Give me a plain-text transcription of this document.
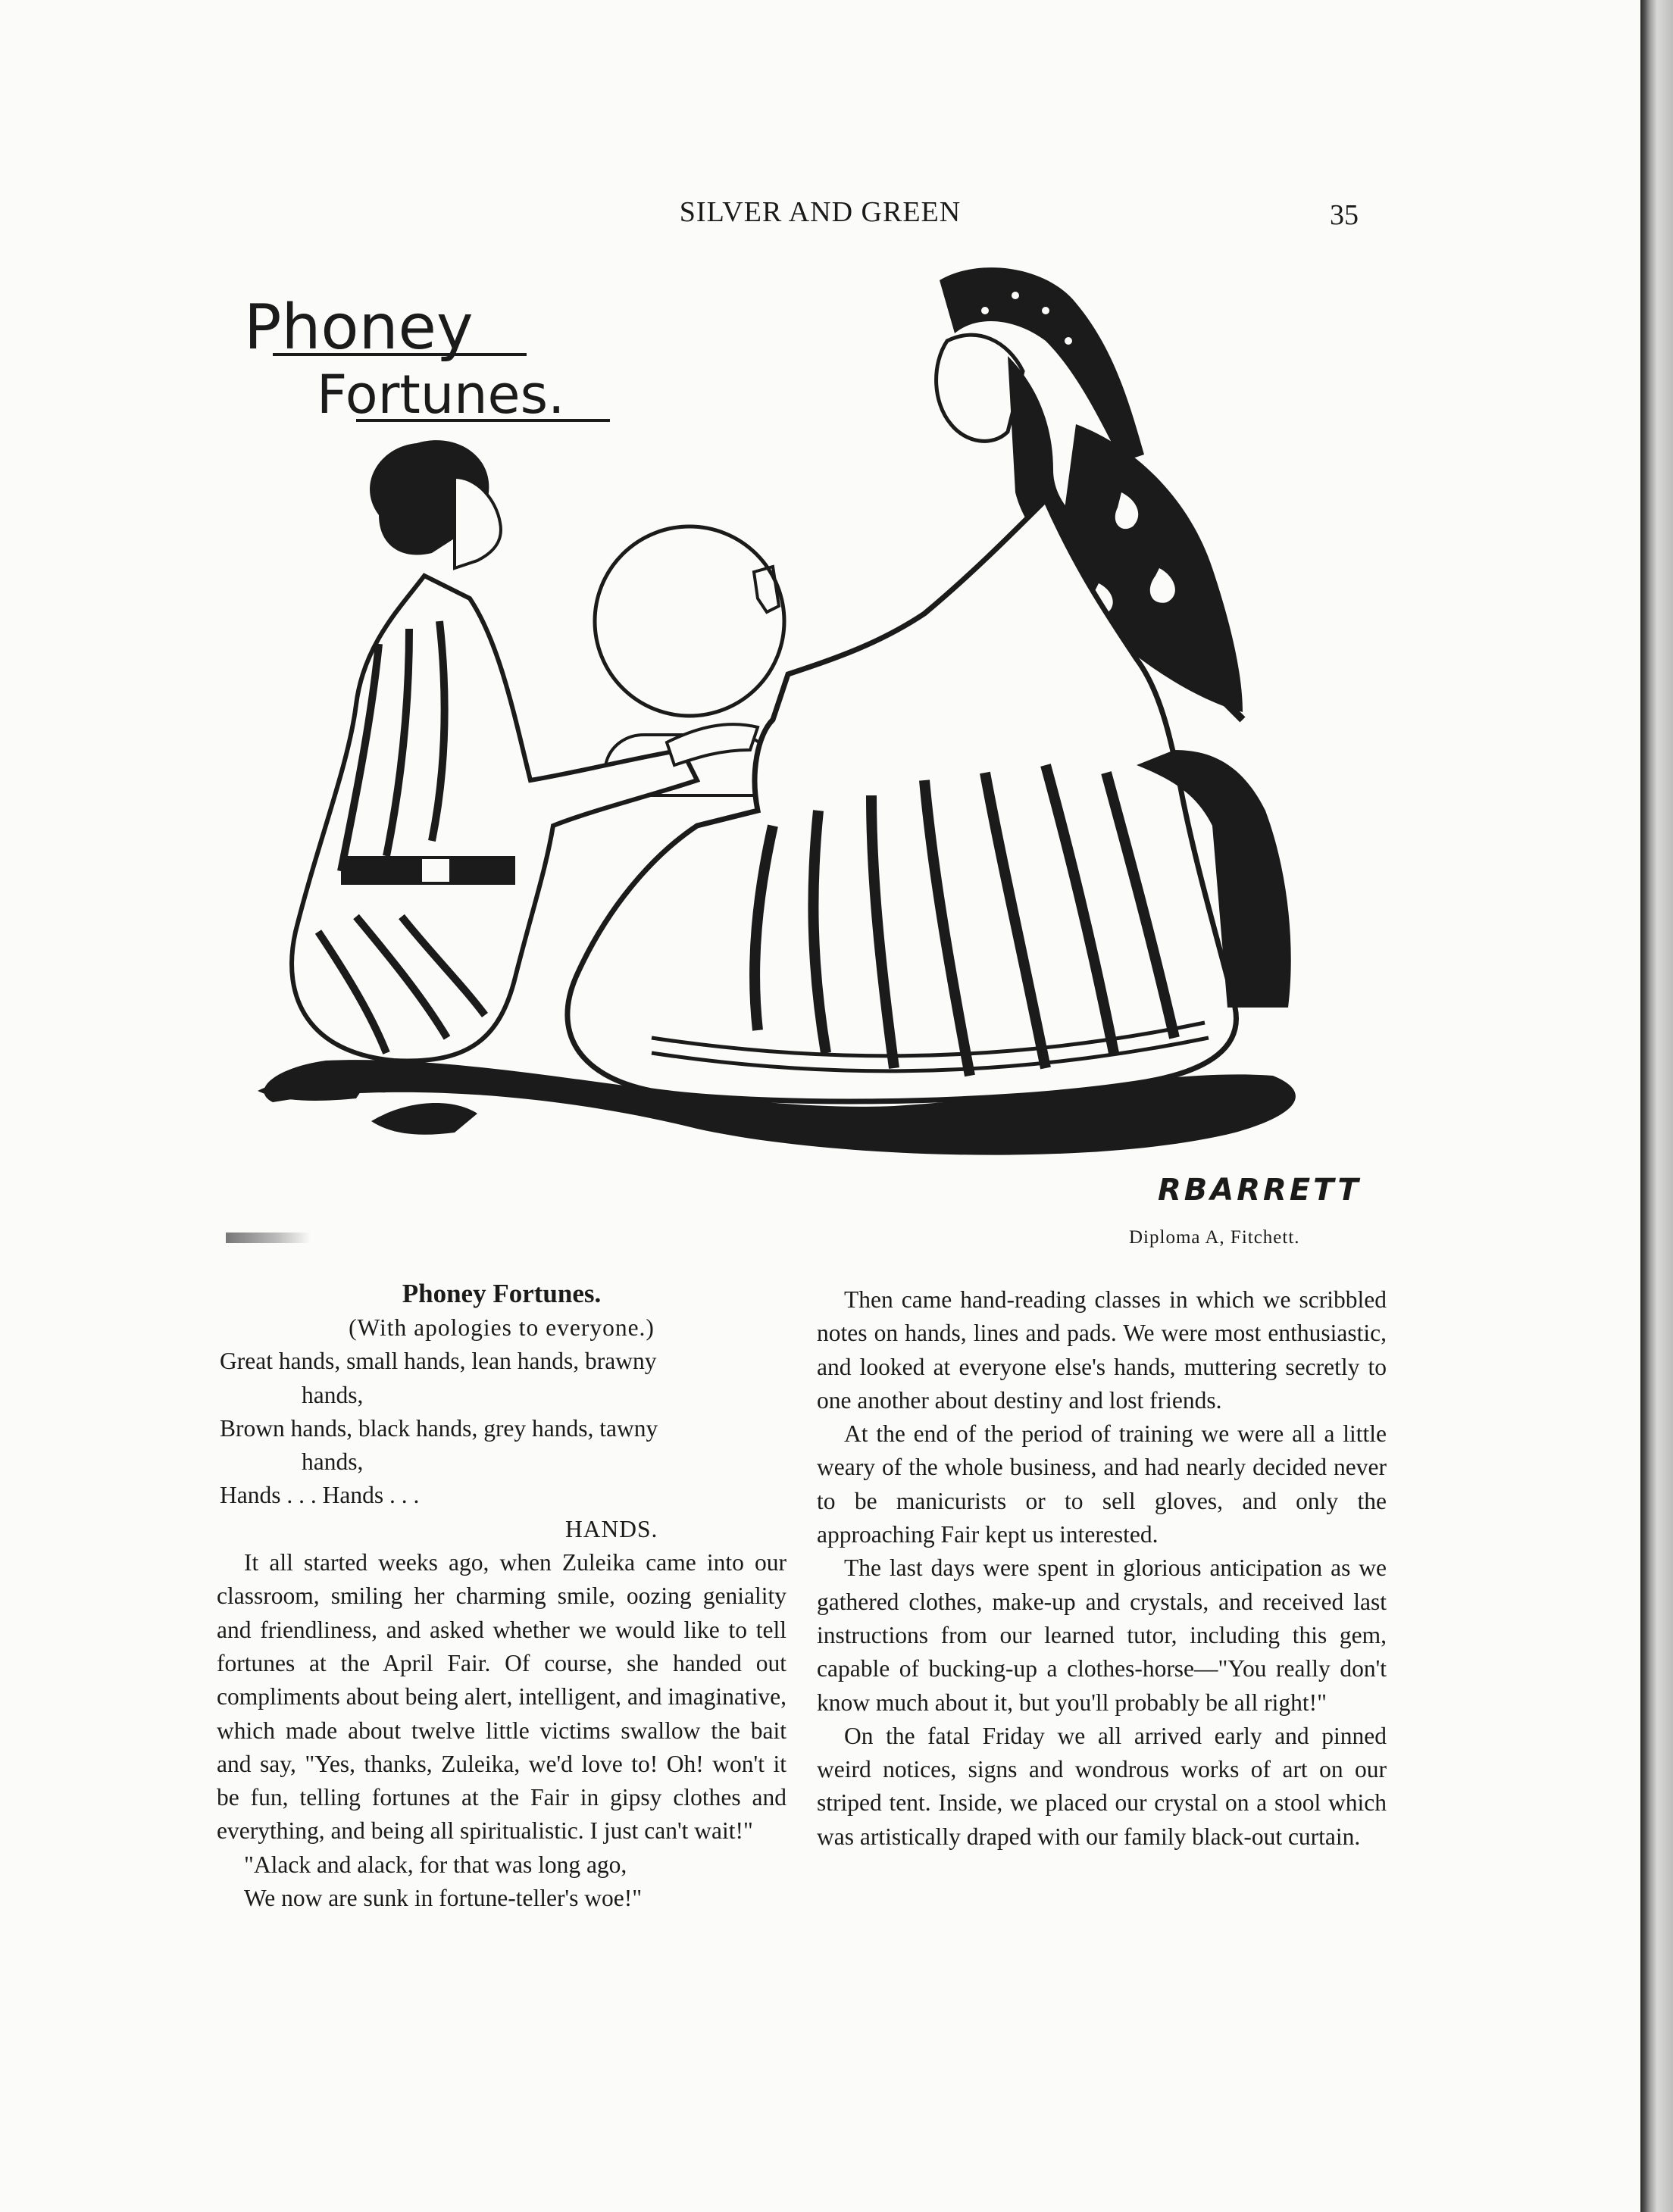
SILVER AND GREEN	35
Phoney
Fortunes.
RBARRETT
Diploma A, Fitchett.

Phoney Fortunes.

(With apologies to everyone.)

Great hands, small hands, lean hands, brawny

hands,

Brown hands, black hands, grey hands, tawny

hands,

Hands . . . Hands . . .

HANDS.

It all started weeks ago, when Zuleika came into our classroom, smiling her charming smile, oozing geniality and friendliness, and asked whether we would like to tell fortunes at the April Fair. Of course, she handed out compliments about being alert, intelligent, and imaginative, which made about twelve little victims swallow the bait and say, "Yes, thanks, Zuleika, we'd love to! Oh! won't it be fun, telling fortunes at the Fair in gipsy clothes and everything, and being all spiritualistic. I just can't wait!"

"Alack and alack, for that was long ago,

We now are sunk in fortune-teller's woe!"

Then came hand-reading classes in which we scribbled notes on hands, lines and pads. We were most enthusiastic, and looked at everyone else's hands, muttering secretly to one another about destiny and lost friends.

At the end of the period of training we were all a little weary of the whole business, and had nearly decided never to be manicurists or to sell gloves, and only the approaching Fair kept us interested.

The last days were spent in glorious anticipation as we gathered clothes, make-up and crystals, and received last instructions from our learned tutor, including this gem, capable of bucking-up a clothes-horse—"You really don't know much about it, but you'll probably be all right!"

On the fatal Friday we all arrived early and pinned weird notices, signs and wondrous works of art on our striped tent. Inside, we placed our crystal on a stool which was artistically draped with our family black-out curtain.
